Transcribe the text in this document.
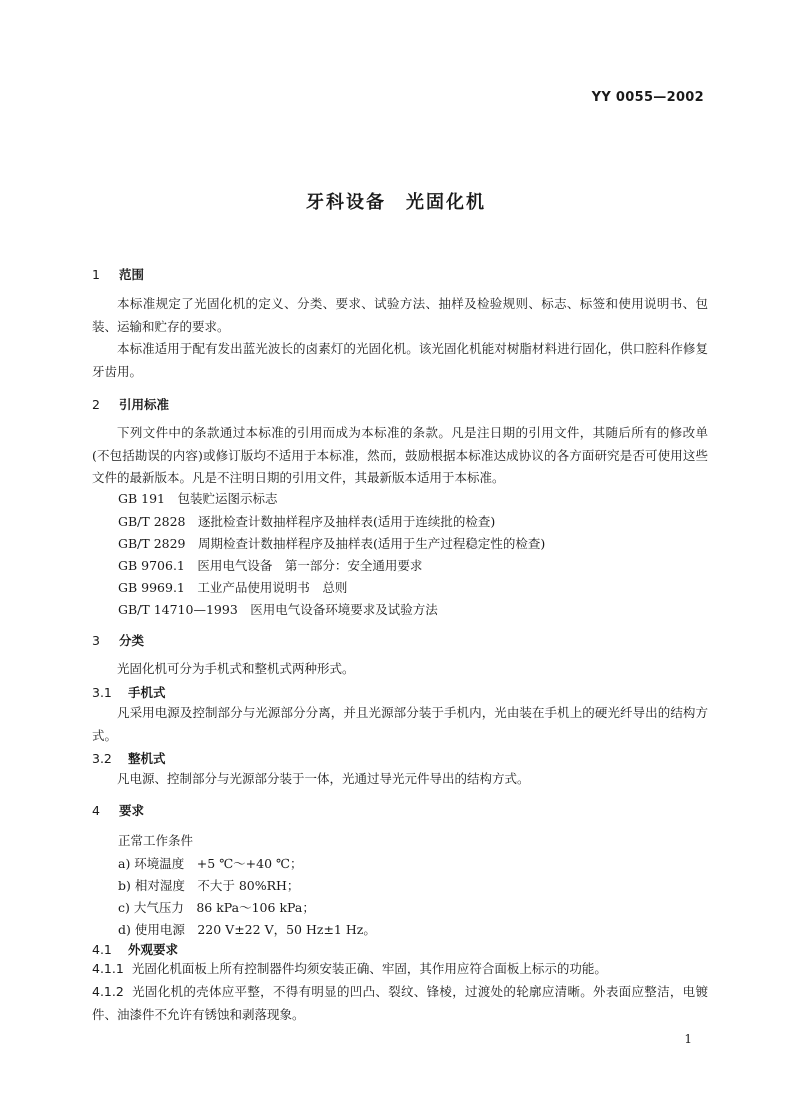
YY 0055—2002
牙科设备　光固化机
1 范围
本标准规定了光固化机的定义、分类、要求、试验方法、抽样及检验规则、标志、标签和使用说明书、包装、运输和贮存的要求。
本标准适用于配有发出蓝光波长的卤素灯的光固化机。该光固化机能对树脂材料进行固化，供口腔科作修复牙齿用。
2 引用标准
下列文件中的条款通过本标准的引用而成为本标准的条款。凡是注日期的引用文件，其随后所有的修改单(不包括勘误的内容)或修订版均不适用于本标准，然而，鼓励根据本标准达成协议的各方面研究是否可使用这些文件的最新版本。凡是不注明日期的引用文件，其最新版本适用于本标准。
GB 191　包装贮运图示标志
GB/T 2828　逐批检查计数抽样程序及抽样表(适用于连续批的检查)
GB/T 2829　周期检查计数抽样程序及抽样表(适用于生产过程稳定性的检查)
GB 9706.1　医用电气设备　第一部分：安全通用要求
GB 9969.1　工业产品使用说明书　总则
GB/T 14710—1993　医用电气设备环境要求及试验方法
3 分类
光固化机可分为手机式和整机式两种形式。
3.1 手机式
凡采用电源及控制部分与光源部分分离，并且光源部分装于手机内，光由装在手机上的硬光纤导出的结构方式。
3.2 整机式
凡电源、控制部分与光源部分装于一体，光通过导光元件导出的结构方式。
4 要求
正常工作条件
a) 环境温度　+5 ℃～+40 ℃；
b) 相对湿度　不大于 80%RH；
c) 大气压力　86 kPa～106 kPa；
d) 使用电源　220 V±22 V，50 Hz±1 Hz。
4.1 外观要求
4.1.1 光固化机面板上所有控制器件均须安装正确、牢固，其作用应符合面板上标示的功能。
4.1.2 光固化机的壳体应平整，不得有明显的凹凸、裂纹、锋棱，过渡处的轮廓应清晰。外表面应整洁，电镀件、油漆件不允许有锈蚀和剥落现象。
1
